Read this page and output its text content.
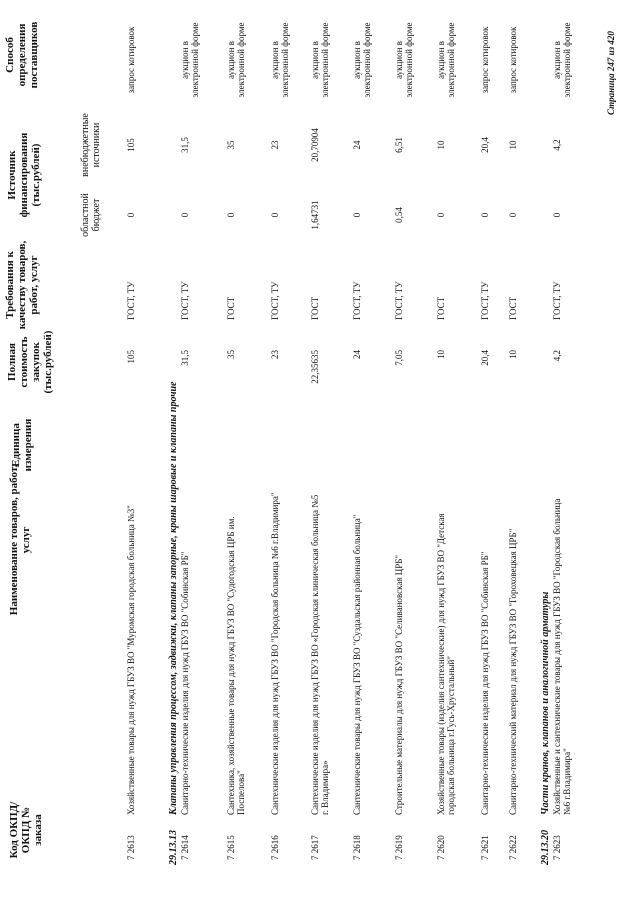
Код ОКПД/ ОКПД № заказа
Наименование товаров, работ, услуг
Единица измерения
Полная стоимость закупок (тыс.рублей)
Требования к качеству товаров, работ, услуг
Источник финансирования (тыс.рублей)
областной бюджет
внебюджетные источники
Способ определения поставщиков
7 2613
Хозяйственные товары для нужд ГБУЗ ВО "Муромская городская больница №3"
105
ГОСТ, ТУ
0
105
запрос котировок
29.13.13
Клапаны управления процессом, задвижки, клапаны запорные, краны шаровые и клапаны прочие
7 2614
Санитарно-технические изделия для нужд ГБУЗ ВО "Собинская РБ"
31,5
ГОСТ, ТУ
0
31,5
аукцион в электронной форме
7 2615
Сантехника, хозяйственные товары для нужд ГБУЗ ВО "Судогодская ЦРБ им. Поспелова"
35
ГОСТ
0
35
аукцион в электронной форме
7 2616
Сантехнические изделия для нужд ГБУЗ ВО "Городская больница №6 г.Владимира"
23
ГОСТ, ТУ
0
23
аукцион в электронной форме
7 2617
Сантехнические изделия для нужд ГБУЗ ВО «Городская клиническая больница №5 г. Владимира»
22,35635
ГОСТ
1,64731
20,70904
аукцион в электронной форме
7 2618
Сантехнические товары для нужд ГБУЗ ВО "Суздальская районная больница"
24
ГОСТ, ТУ
0
24
аукцион в электронной форме
7 2619
Строительные материалы для нужд ГБУЗ ВО "Селивановская ЦРБ"
7,05
ГОСТ, ТУ
0,54
6,51
аукцион в электронной форме
7 2620
Хозяйственные товары (изделия сантехнические) для нужд ГБУЗ ВО "Детская городская больница г.Гусь-Хрустальный"
10
ГОСТ
0
10
аукцион в электронной форме
7 2621
Санитарно-технические изделия для нужд ГБУЗ ВО "Собинская РБ"
20,4
ГОСТ, ТУ
0
20,4
запрос котировок
7 2622
Санитарно-технический материал для нужд ГБУЗ ВО "Гороховецкая ЦРБ"
10
ГОСТ
0
10
запрос котировок
29.13.20
Части кранов, клапанов и аналогичной арматуры
7 2623
Хозяйственные и сантехнические товары для нужд ГБУЗ ВО "Городская больница №6 г.Владимира"
4,2
ГОСТ, ТУ
0
4,2
аукцион в электронной форме	Страница 247 из 420
